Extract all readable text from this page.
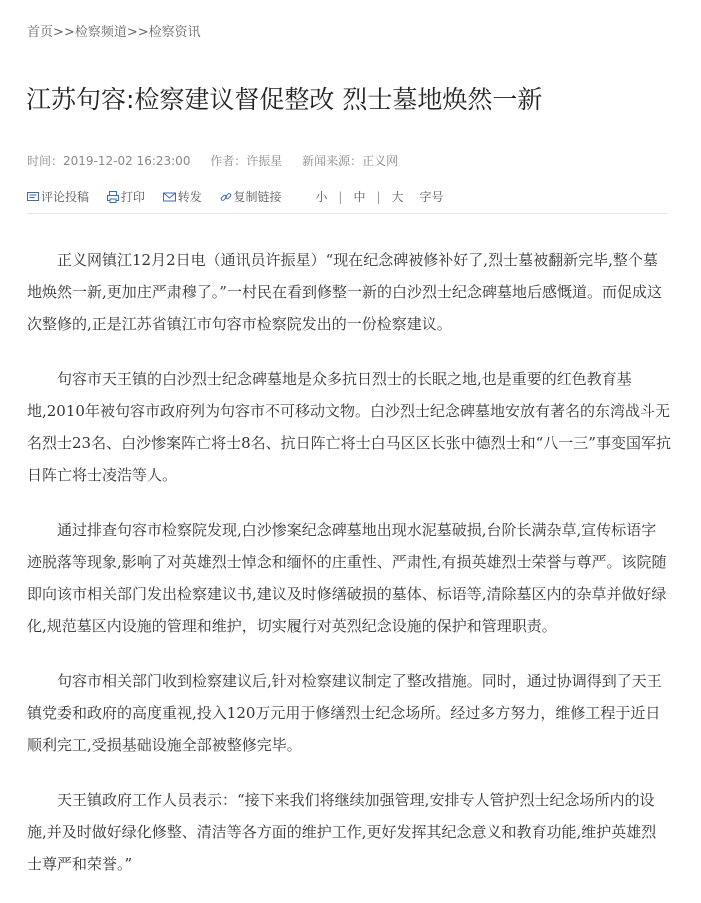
首页>>检察频道>>检察资讯
江苏句容:检察建议督促整改 烈士墓地焕然一新
时间：2019-12-02 16:23:00 作者：许振星 新闻来源：正义网
评论投稿	打印	转发	复制链接	小 | 中 | 大 字号

正义网镇江12月2日电（通讯员许振星）“现在纪念碑被修补好了,烈士墓被翻新完毕,整个墓地焕然一新,更加庄严肃穆了。”一村民在看到修整一新的白沙烈士纪念碑墓地后感慨道。而促成这次整修的,正是江苏省镇江市句容市检察院发出的一份检察建议。

句容市天王镇的白沙烈士纪念碑墓地是众多抗日烈士的长眠之地,也是重要的红色教育基地,2010年被句容市政府列为句容市不可移动文物。白沙烈士纪念碑墓地安放有著名的东湾战斗无名烈士23名、白沙惨案阵亡将士8名、抗日阵亡将士白马区区长张中德烈士和“八一三”事变国军抗日阵亡将士凌浩等人。

通过排查句容市检察院发现,白沙惨案纪念碑墓地出现水泥墓破损,台阶长满杂草,宣传标语字迹脱落等现象,影响了对英雄烈士悼念和缅怀的庄重性、严肃性,有损英雄烈士荣誉与尊严。该院随即向该市相关部门发出检察建议书,建议及时修缮破损的墓体、标语等,清除墓区内的杂草并做好绿化,规范墓区内设施的管理和维护，切实履行对英烈纪念设施的保护和管理职责。

句容市相关部门收到检察建议后,针对检察建议制定了整改措施。同时，通过协调得到了天王镇党委和政府的高度重视,投入120万元用于修缮烈士纪念场所。经过多方努力，维修工程于近日顺利完工,受损基础设施全部被整修完毕。

天王镇政府工作人员表示：“接下来我们将继续加强管理,安排专人管护烈士纪念场所内的设施,并及时做好绿化修整、清洁等各方面的维护工作,更好发挥其纪念意义和教育功能,维护英雄烈士尊严和荣誉。”
